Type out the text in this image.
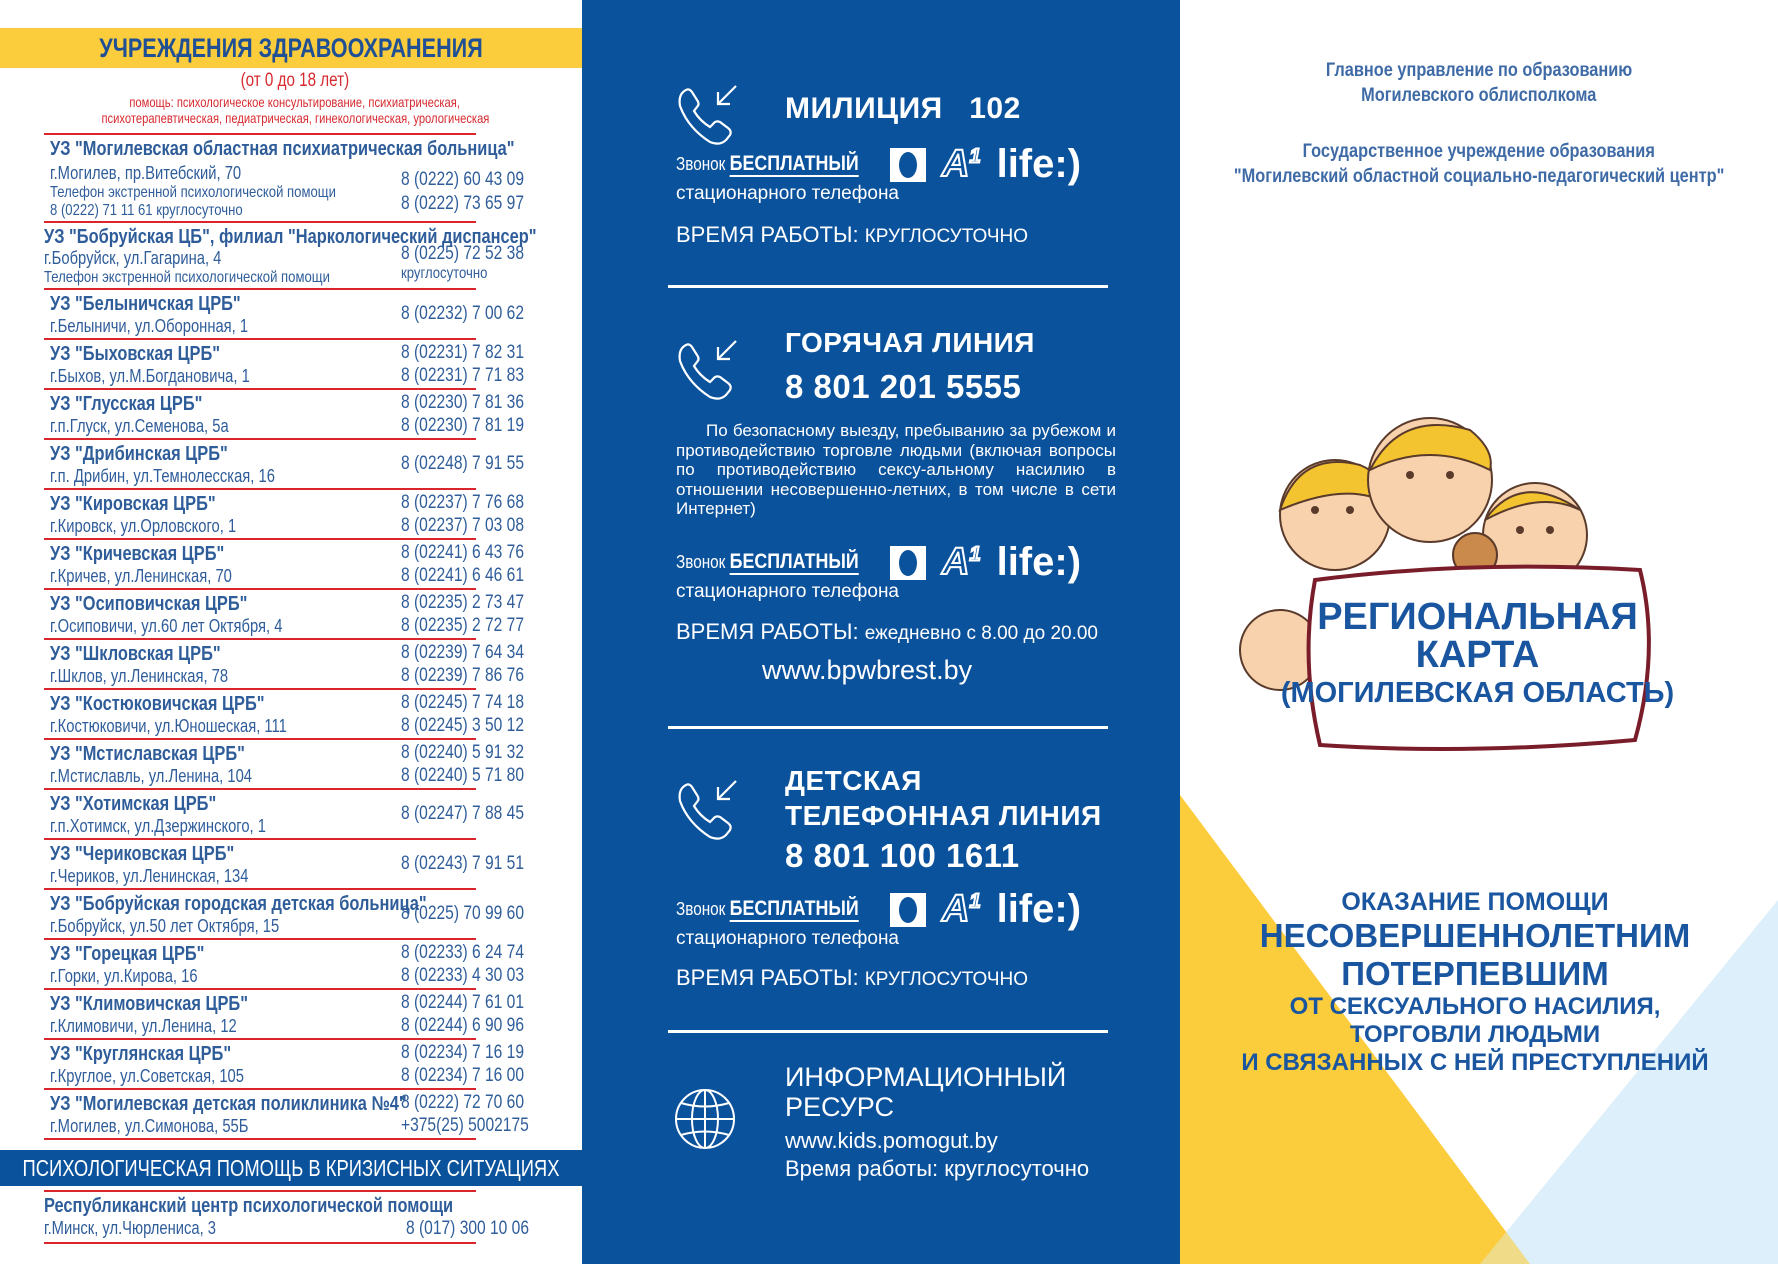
УЧРЕЖДЕНИЯ ЗДРАВООХРАНЕНИЯ
(от 0 до 18 лет)
помощь: психологическое консультирование, психиатрическая,
психотерапевтическая, педиатрическая, гинекологическая, урологическая
УЗ "Могилевская областная психиатрическая больница"
г.Могилев, пр.Витебский, 70
Телефон экстренной психологической помощи
8 (0222) 71 11 61 круглосуточно
8 (0222) 60 43 09
8 (0222) 73 65 97
УЗ "Бобруйская ЦБ", филиал "Наркологический диспансер"
г.Бобруйск, ул.Гагарина, 4
Телефон экстренной психологической помощи
8 (0225) 72 52 38
круглосуточно
УЗ "Белыничская ЦРБ"
г.Белыничи, ул.Оборонная, 1
8 (02232) 7 00 62
УЗ "Быховская ЦРБ"
г.Быхов, ул.М.Богдановича, 1
8 (02231) 7 82 31
8 (02231) 7 71 83
УЗ "Глусская ЦРБ"
г.п.Глуск, ул.Семенова, 5а
8 (02230) 7 81 36
8 (02230) 7 81 19
УЗ "Дрибинская ЦРБ"
г.п. Дрибин, ул.Темнолесская, 16
8 (02248) 7 91 55
УЗ "Кировская ЦРБ"
г.Кировск, ул.Орловского, 1
8 (02237) 7 76 68
8 (02237) 7 03 08
УЗ "Кричевская ЦРБ"
г.Кричев, ул.Ленинская, 70
8 (02241) 6 43 76
8 (02241) 6 46 61
УЗ "Осиповичская ЦРБ"
г.Осиповичи, ул.60 лет Октября, 4
8 (02235) 2 73 47
8 (02235) 2 72 77
УЗ "Шкловская ЦРБ"
г.Шклов, ул.Ленинская, 78
8 (02239) 7 64 34
8 (02239) 7 86 76
УЗ "Костюковичская ЦРБ"
г.Костюковичи, ул.Юношеская, 111
8 (02245) 7 74 18
8 (02245) 3 50 12
УЗ "Мстиславская ЦРБ"
г.Мстиславль, ул.Ленина, 104
8 (02240) 5 91 32
8 (02240) 5 71 80
УЗ "Хотимская ЦРБ"
г.п.Хотимск, ул.Дзержинского, 1
8 (02247) 7 88 45
УЗ "Чериковская ЦРБ"
г.Чериков, ул.Ленинская, 134
8 (02243) 7 91 51
УЗ "Бобруйская городская детская больница"
г.Бобруйск, ул.50 лет Октября, 15
8 (0225) 70 99 60
УЗ "Горецкая ЦРБ"
г.Горки, ул.Кирова, 16
8 (02233) 6 24 74
8 (02233) 4 30 03
УЗ "Климовичская ЦРБ"
г.Климовичи, ул.Ленина, 12
8 (02244) 7 61 01
8 (02244) 6 90 96
УЗ "Круглянская ЦРБ"
г.Круглое, ул.Советская, 105
8 (02234) 7 16 19
8 (02234) 7 16 00
УЗ "Могилевская детская поликлиника №4"
г.Могилев, ул.Симонова, 55Б
8 (0222) 72 70 60
+375(25) 5002175
ПСИХОЛОГИЧЕСКАЯ ПОМОЩЬ В КРИЗИСНЫХ СИТУАЦИЯХ
Республиканский центр психологической помощи
г.Минск, ул.Чюрлениса, 3	8 (017) 300 10 06
МИЛИЦИЯ 102
$A^1$ life:)
Звонок БЕСПЛАТНЫЙ
стационарного телефона
ВРЕМЯ РАБОТЫ: КРУГЛОСУТОЧНО
ГОРЯЧАЯ ЛИНИЯ
8 801 201 5555
По безопасному выезду, пребыванию за рубежом и противодействию торговле людьми (включая вопросы по противодействию сексу-альному насилию в отношении несовершенно-летних, в том числе в сети Интернет)
$A^1$ life:)
Звонок БЕСПЛАТНЫЙ
стационарного телефона
ВРЕМЯ РАБОТЫ: ежедневно с 8.00 до 20.00
www.bpwbrest.by
ДЕТСКАЯ
ТЕЛЕФОННАЯ ЛИНИЯ
8 801 100 1611
$A^1$ life:)
Звонок БЕСПЛАТНЫЙ
стационарного телефона
ВРЕМЯ РАБОТЫ: КРУГЛОСУТОЧНО
ИНФОРМАЦИОННЫЙ
РЕСУРС
www.kids.pomogut.by
Время работы: круглосуточно
Главное управление по образованию
Могилевского облисполкома
Государственное учреждение образования
"Могилевский областной социально-педагогический центр"
РЕГИОНАЛЬНАЯ
КАРТА
(МОГИЛЕВСКАЯ ОБЛАСТЬ)
ОКАЗАНИЕ ПОМОЩИ
НЕСОВЕРШЕННОЛЕТНИМ
ПОТЕРПЕВШИМ
ОТ СЕКСУАЛЬНОГО НАСИЛИЯ,
ТОРГОВЛИ ЛЮДЬМИ
И СВЯЗАННЫХ С НЕЙ ПРЕСТУПЛЕНИЙ
